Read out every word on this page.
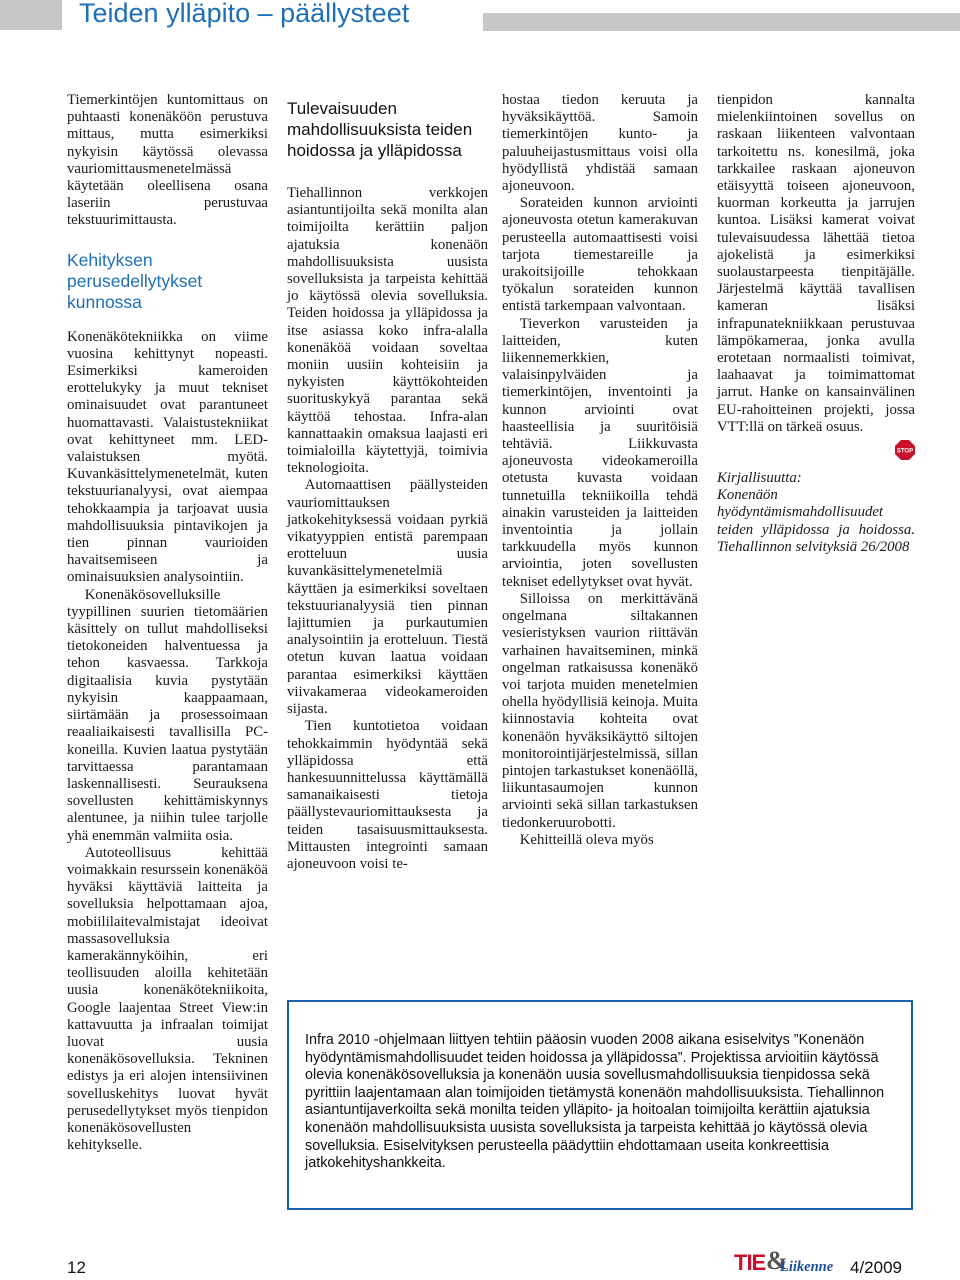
Teiden ylläpito – päällysteet

Tiemerkintöjen kuntomittaus on puhtaasti konenäköön perustuva mittaus, mutta esimerkiksi nykyisin käytössä olevassa vauriomittausmenetelmässä käytetään oleellisena osana laseriin perustuvaa tekstuurimittausta.

Kehityksen perusedellytykset kunnossa

Konenäkötekniikka on viime vuosina kehittynyt nopeasti. Esimerkiksi kameroiden erottelukyky ja muut tekniset ominaisuudet ovat parantuneet huomattavasti. Valaistustekniikat ovat kehittyneet mm. LED-valaistuksen myötä. Kuvankäsittelymenetelmät, kuten tekstuurianalyysi, ovat aiempaa tehokkaampia ja tarjoavat uusia mahdollisuuksia pintavikojen ja tien pinnan vaurioiden havaitsemiseen ja ominaisuuksien analysointiin.

Konenäkösovelluksille tyypillinen suurien tietomäärien käsittely on tullut mahdolliseksi tietokoneiden halventuessa ja tehon kasvaessa. Tarkkoja digitaalisia kuvia pystytään nykyisin kaappaamaan, siirtämään ja prosessoimaan reaaliaikaisesti tavallisilla PC-koneilla. Kuvien laatua pystytään tarvittaessa parantamaan laskennallisesti. Seurauksena sovellusten kehittämiskynnys alentunee, ja niihin tulee tarjolle yhä enemmän valmiita osia.

Autoteollisuus kehittää voimakkain resurssein konenäköä hyväksi käyttäviä laitteita ja sovelluksia helpottamaan ajoa, mobiililaitevalmistajat ideoivat massasovelluksia kamerakännyköihin, eri teollisuuden aloilla kehitetään uusia konenäkötekniikoita, Google laajentaa Street View:in kattavuutta ja infraalan toimijat luovat uusia konenäkösovelluksia. Tekninen edistys ja eri alojen intensiivinen sovelluskehitys luovat hyvät perusedellytykset myös tienpidon konenäkösovellusten kehitykselle.

Tulevaisuuden mahdollisuuksista teiden hoidossa ja ylläpidossa

Tiehallinnon verkkojen asiantuntijoilta sekä monilta alan toimijoilta kerättiin paljon ajatuksia konenäön mahdollisuuksista uusista sovelluksista ja tarpeista kehittää jo käytössä olevia sovelluksia. Teiden hoidossa ja ylläpidossa ja itse asiassa koko infra-alalla konenäköä voidaan soveltaa moniin uusiin kohteisiin ja nykyisten käyttökohteiden suorituskykyä parantaa sekä käyttöä tehostaa. Infra-alan kannattaakin omaksua laajasti eri toimialoilla käytettyjä, toimivia teknologioita.

Automaattisen päällysteiden vauriomittauksen jatkokehityksessä voidaan pyrkiä vikatyyppien entistä parempaan erotteluun uusia kuvankäsittelymenetelmiä käyttäen ja esimerkiksi soveltaen tekstuurianalyysiä tien pinnan lajittumien ja purkautumien analysointiin ja erotteluun. Tiestä otetun kuvan laatua voidaan parantaa esimerkiksi käyttäen viivakameraa videokameroiden sijasta.

Tien kuntotietoa voidaan tehokkaimmin hyödyntää sekä ylläpidossa että hankesuunnittelussa käyttämällä samanaikaisesti tietoja päällystevauriomittauksesta ja teiden tasaisuusmittauksesta. Mittausten integrointi samaan ajoneuvoon voisi te-

hostaa tiedon keruuta ja hyväksikäyttöä. Samoin tiemerkintöjen kunto- ja paluuheijastusmittaus voisi olla hyödyllistä yhdistää samaan ajoneuvoon.

Sorateiden kunnon arviointi ajoneuvosta otetun kamerakuvan perusteella automaattisesti voisi tarjota tiemestareille ja urakoitsijoille tehokkaan työkalun sorateiden kunnon entistä tarkempaan valvontaan.

Tieverkon varusteiden ja laitteiden, kuten liikennemerkkien, valaisinpylväiden ja tiemerkintöjen, inventointi ja kunnon arviointi ovat haasteellisia ja suuritöisiä tehtäviä. Liikkuvasta ajoneuvosta videokameroilla otetusta kuvasta voidaan tunnetuilla tekniikoilla tehdä ainakin varusteiden ja laitteiden inventointia ja jollain tarkkuudella myös kunnon arviointia, joten sovellusten tekniset edellytykset ovat hyvät.

Silloissa on merkittävänä ongelmana siltakannen vesieristyksen vaurion riittävän varhainen havaitseminen, minkä ongelman ratkaisussa konenäkö voi tarjota muiden menetelmien ohella hyödyllisiä keinoja. Muita kiinnostavia kohteita ovat konenäön hyväksikäyttö siltojen monitorointijärjestelmissä, sillan pintojen tarkastukset konenäöllä, liikuntasaumojen kunnon arviointi sekä sillan tarkastuksen tiedonkeruurobotti.

Kehitteillä oleva myös

tienpidon kannalta mielenkiintoinen sovellus on raskaan liikenteen valvontaan tarkoitettu ns. konesilmä, joka tarkkailee raskaan ajoneuvon etäisyyttä toiseen ajoneuvoon, kuorman korkeutta ja jarrujen kuntoa. Lisäksi kamerat voivat tulevaisuudessa lähettää tietoa ajokelistä ja esimerkiksi suolaustarpeesta tienpitäjälle. Järjestelmä käyttää tavallisen kameran lisäksi infrapunatekniikkaan perustuvaa lämpökameraa, jonka avulla erotetaan normaalisti toimivat, laahaavat ja toimimattomat jarrut. Hanke on kansainvälinen EU-rahoitteinen projekti, jossa VTT:llä on tärkeä osuus.

STOP

Kirjallisuutta:

Konenäön hyödyntämismahdollisuudet teiden ylläpidossa ja hoidossa. Tiehallinnon selvityksiä 26/2008

Infra 2010 -ohjelmaan liittyen tehtiin pääosin vuoden 2008 aikana esiselvitys ”Konenäön hyödyntämismahdollisuudet teiden hoidossa ja ylläpidossa”. Projektissa arvioitiin käytössä olevia konenäkösovelluksia ja konenäön uusia sovellusmahdollisuuksia tienpidossa sekä pyrittiin laajentamaan alan toimijoiden tietämystä konenäön mahdollisuuksista. Tiehallinnon asiantuntijaverkoilta sekä monilta teiden ylläpito- ja hoitoalan toimijoilta kerättiin ajatuksia konenäön mahdollisuuksista uusista sovelluksista ja tarpeista kehittää jo käytössä olevia sovelluksia. Esiselvityksen perusteella päädyttiin ehdottamaan useita konkreettisia jatkokehityshankkeita.
12	TIE &
Liikenne 4/2009
